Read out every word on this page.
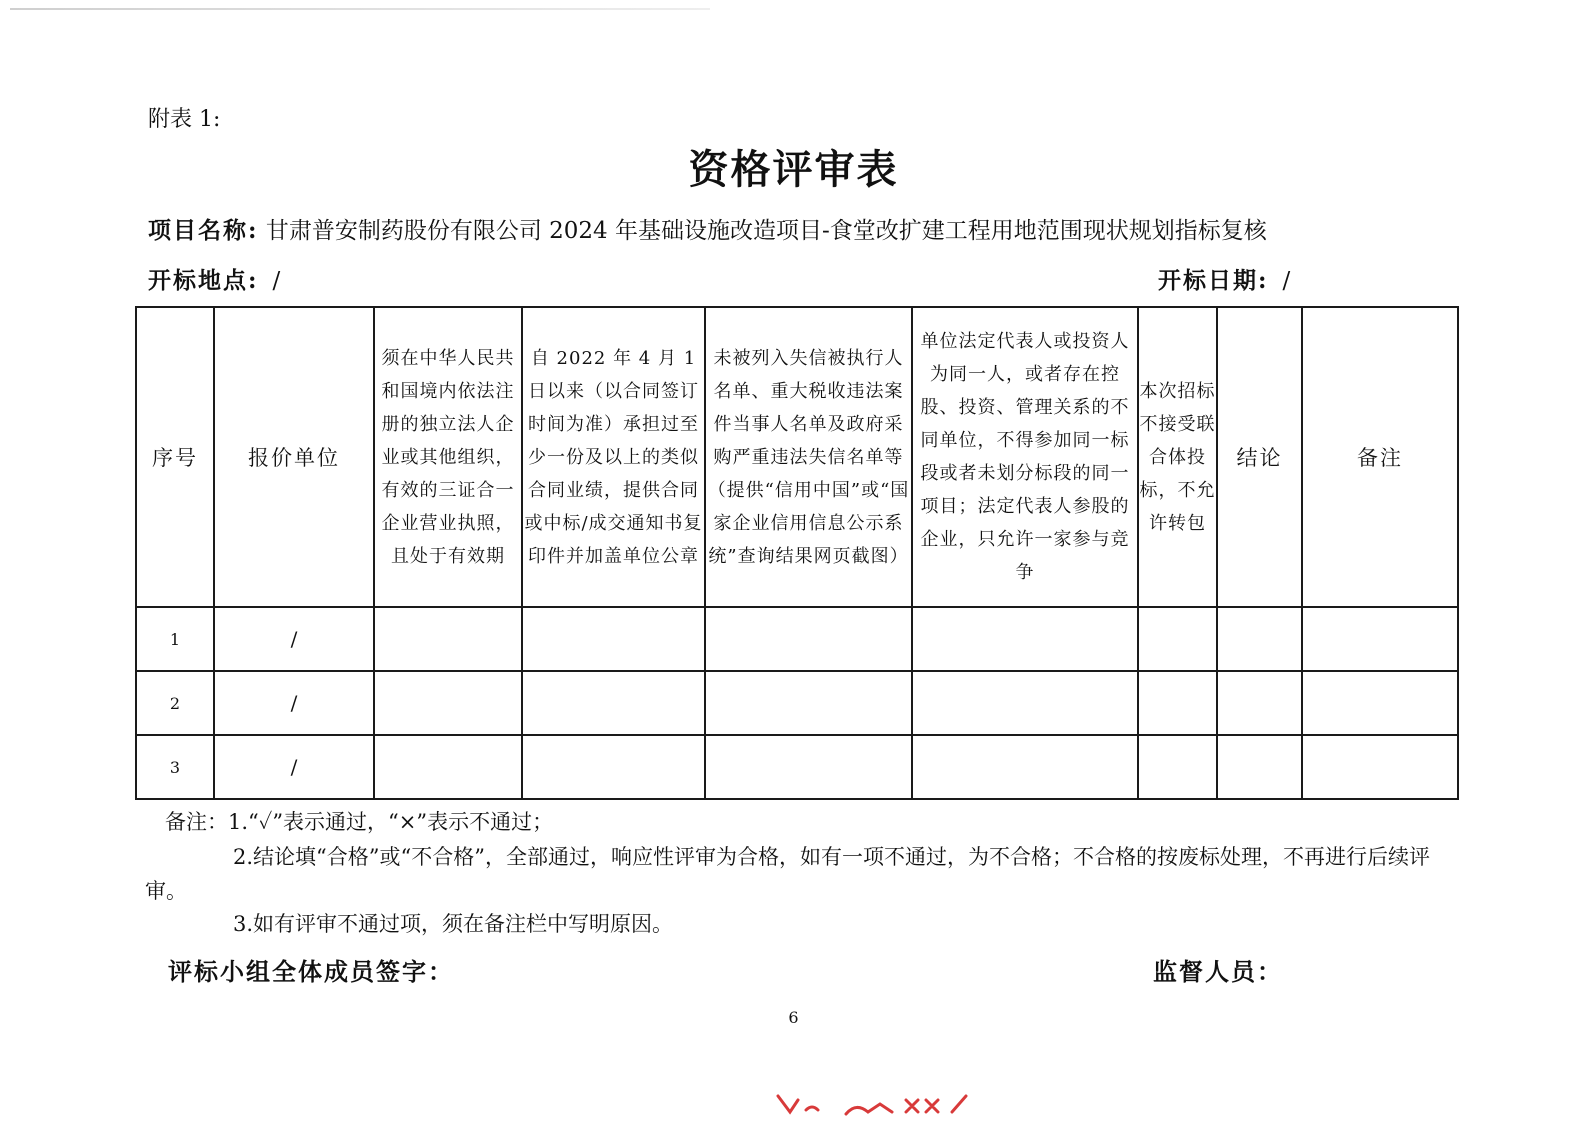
附表 1:
资格评审表
项目名称: 甘肃普安制药股份有限公司 2024 年基础设施改造项目-食堂改扩建工程用地范围现状规划指标复核
开标地点: /	开标日期: /
序号	报价单位	须在中华人民共和国境内依法注册的独立法人企业或其他组织，有效的三证合一企业营业执照，且处于有效期	自 2022 年 4 月 1 日以来（以合同签订时间为准）承担过至少一份及以上的类似合同业绩，提供合同或中标/成交通知书复印件并加盖单位公章	未被列入失信被执行人名单、重大税收违法案件当事人名单及政府采购严重违法失信名单等（提供“信用中国”或“国家企业信用信息公示系统”查询结果网页截图）	单位法定代表人或投资人为同一人，或者存在控股、投资、管理关系的不同单位，不得参加同一标段或者未划分标段的同一项目；法定代表人参股的企业，只允许一家参与竞争	本次招标不接受联合体投标，不允许转包	结论	备注
1	/							
2	/							
3	/							
备注：1.“✓”表示通过，“×”表示不通过；
2.结论填“合格”或“不合格”，全部通过，响应性评审为合格，如有一项不通过，为不合格；不合格的按废标处理，不再进行后续评审。
3.如有评审不通过项，须在备注栏中写明原因。
评标小组全体成员签字：	监督人员：
6
